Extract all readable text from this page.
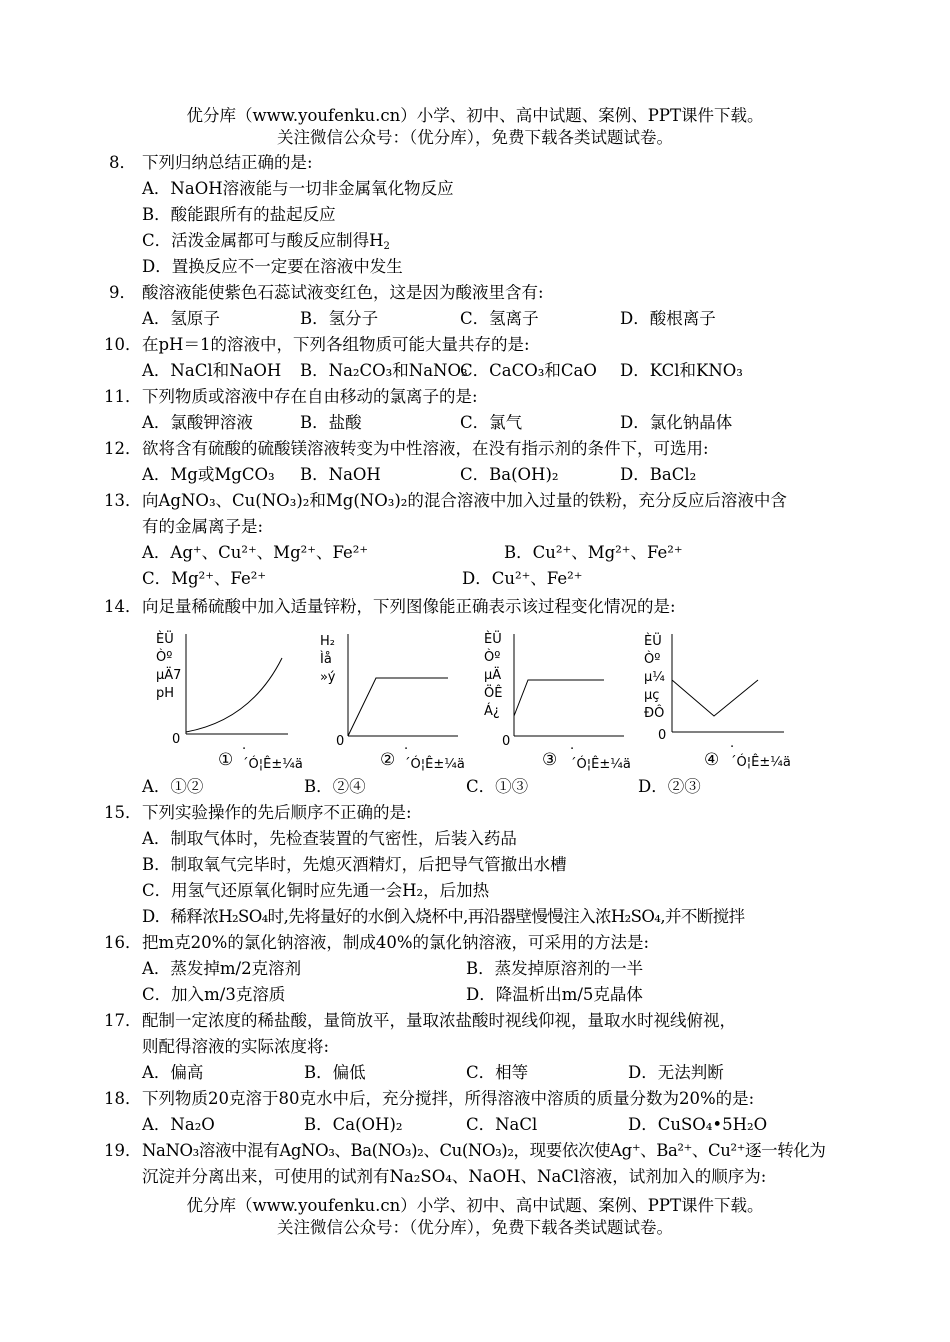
优分库（www.youfenku.cn）小学、初中、高中试题、案例、PPT课件下载。
关注微信公众号：（优分库），免费下载各类试题试卷。
8． 下列归纳总结正确的是:
A．NaOH溶液能与一切非金属氧化物反应
B．酸能跟所有的盐起反应
C．活泼金属都可与酸反应制得$H_2$
D．置换反应不一定要在溶液中发生
9． 酸溶液能使紫色石蕊试液变红色，这是因为酸液里含有:
A．氢原子	B．氢分子	C．氢离子	D．酸根离子
10． 在pH＝1的溶液中，下列各组物质可能大量共存的是:
A．NaCl和NaOH B．Na₂CO₃和NaNO₃
C．CaCO₃和CaO D．KCl和KNO₃
11． 下列物质或溶液中存在自由移动的氯离子的是:
A．氯酸钾溶液	B．盐酸	C．氯气	D．氯化钠晶体
12． 欲将含有硫酸的硫酸镁溶液转变为中性溶液，在没有指示剂的条件下，可选用:
A．Mg或MgCO₃ B．NaOH	C．Ba(OH)₂	D．BaCl₂
13． 向AgNO₃、Cu(NO₃)₂和Mg(NO₃)₂的混合溶液中加入过量的铁粉，充分反应后溶液中含
有的金属离子是:
A．Ag⁺、Cu²⁺、Mg²⁺、Fe²⁺	B．Cu²⁺、Mg²⁺、Fe²⁺
C．Mg²⁺、Fe²⁺	D．Cu²⁺、Fe²⁺
14． 向足量稀硫酸中加入适量锌粉，下列图像能正确表示该过程变化情况的是:
ÈÜ
Òº
µÄ7
pH
0
①
·´Ó¦Ê±¼ä
H₂
Ìå
»ý
0
②
·´Ó¦Ê±¼ä
ÈÜ
Òº
µÄ
ÖÊ
Á¿
0
③
·´Ó¦Ê±¼ä
ÈÜ
Òº
µ¼
µç
ÐÔ
0
④
·´Ó¦Ê±¼ä
A．①②	B．②④	C．①③	D．②③
15． 下列实验操作的先后顺序不正确的是:
A．制取气体时，先检查装置的气密性，后装入药品
B．制取氧气完毕时，先熄灭酒精灯，后把导气管撤出水槽
C．用氢气还原氧化铜时应先通一会H₂，后加热
D．稀释浓H₂SO₄时,先将量好的水倒入烧杯中,再沿器壁慢慢注入浓H₂SO₄,并不断搅拌
16． 把m克20%的氯化钠溶液，制成40%的氯化钠溶液，可采用的方法是:
A．蒸发掉m/2克溶剂	B．蒸发掉原溶剂的一半
C．加入m/3克溶质	D．降温析出m/5克晶体
17． 配制一定浓度的稀盐酸，量筒放平，量取浓盐酸时视线仰视，量取水时视线俯视，
则配得溶液的实际浓度将:
A．偏高	B．偏低	C．相等	D．无法判断
18． 下列物质20克溶于80克水中后，充分搅拌，所得溶液中溶质的质量分数为20%的是:
A．Na₂O	B．Ca(OH)₂	C．NaCl	D．CuSO₄•5H₂O
19． NaNO₃溶液中混有AgNO₃、Ba(NO₃)₂、Cu(NO₃)₂，现要依次使Ag⁺、Ba²⁺、Cu²⁺逐一转化为
沉淀并分离出来，可使用的试剂有Na₂SO₄、NaOH、NaCl溶液，试剂加入的顺序为:
优分库（www.youfenku.cn）小学、初中、高中试题、案例、PPT课件下载。
关注微信公众号：（优分库），免费下载各类试题试卷。
